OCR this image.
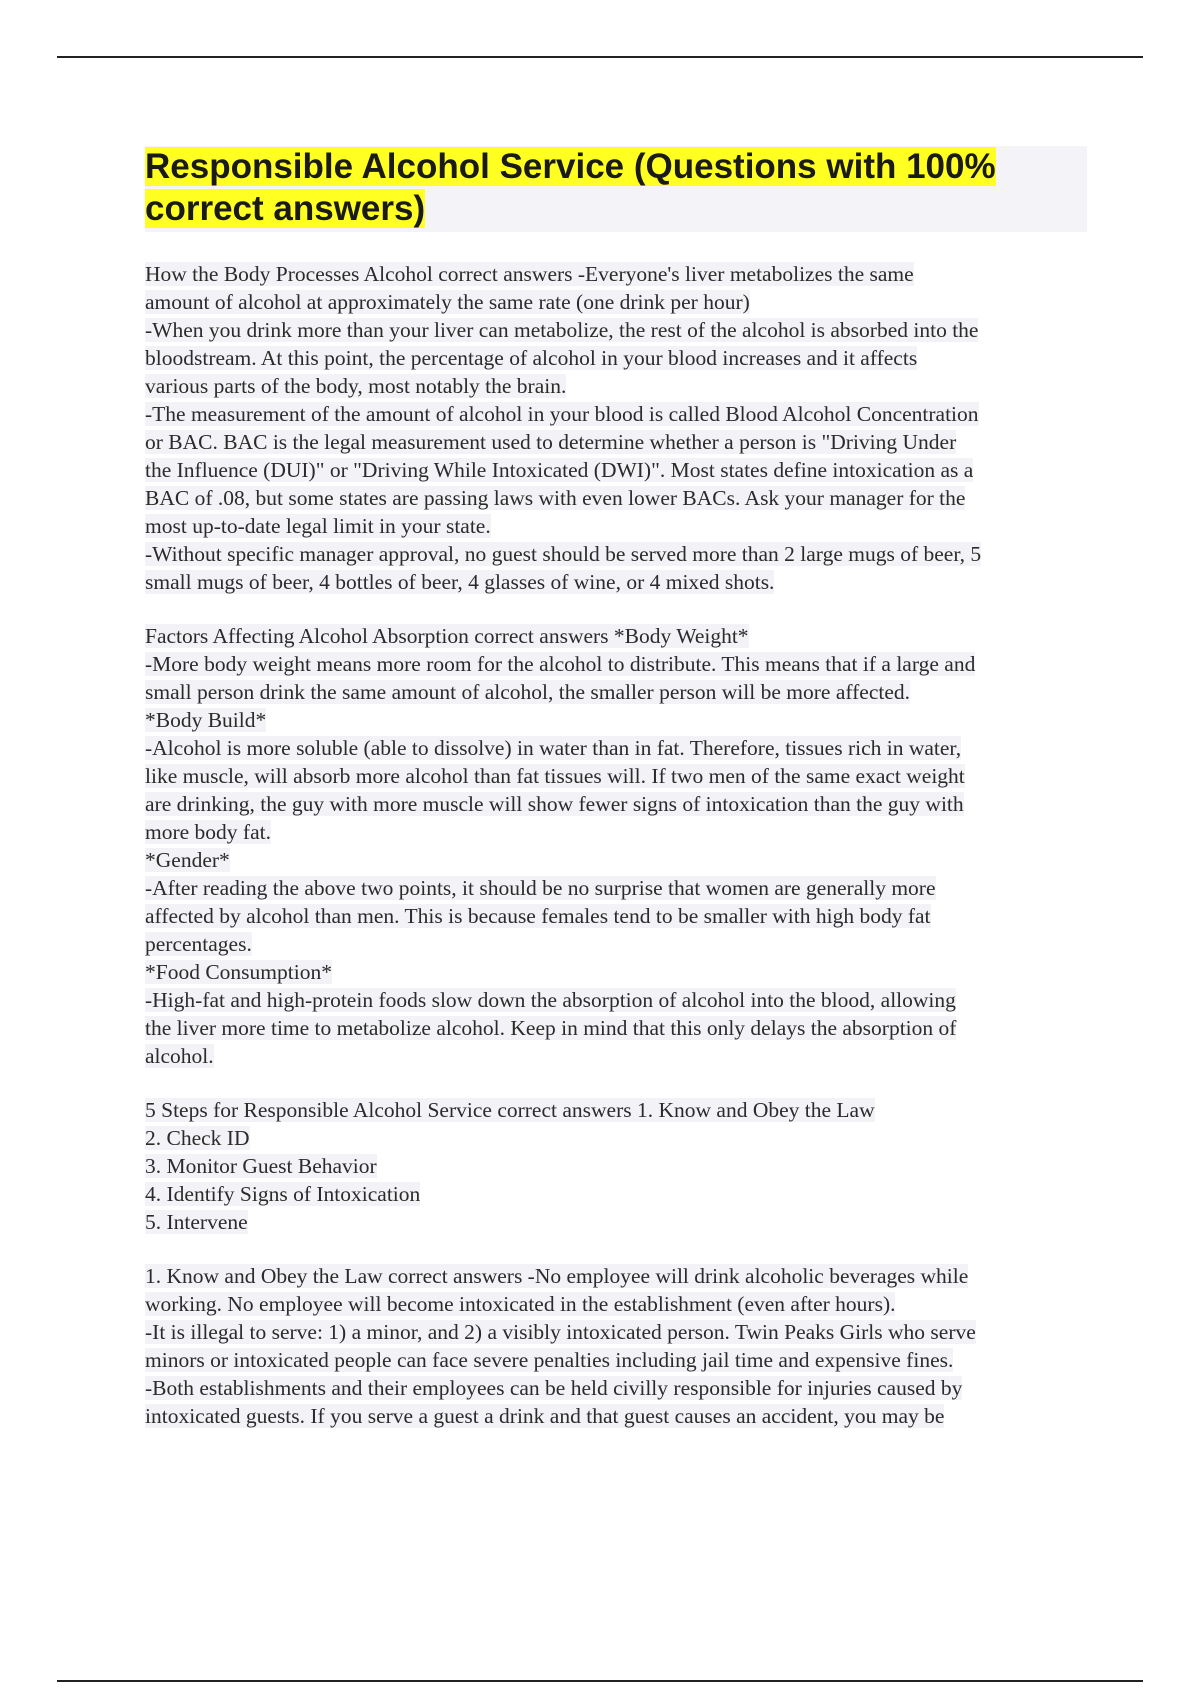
Responsible Alcohol Service (Questions with 100% correct answers)
How the Body Processes Alcohol correct answers -Everyone's liver metabolizes the same
amount of alcohol at approximately the same rate (one drink per hour)
-When you drink more than your liver can metabolize, the rest of the alcohol is absorbed into the
bloodstream. At this point, the percentage of alcohol in your blood increases and it affects
various parts of the body, most notably the brain.
-The measurement of the amount of alcohol in your blood is called Blood Alcohol Concentration
or BAC. BAC is the legal measurement used to determine whether a person is "Driving Under
the Influence (DUI)" or "Driving While Intoxicated (DWI)". Most states define intoxication as a
BAC of .08, but some states are passing laws with even lower BACs. Ask your manager for the
most up-to-date legal limit in your state.
-Without specific manager approval, no guest should be served more than 2 large mugs of beer, 5
small mugs of beer, 4 bottles of beer, 4 glasses of wine, or 4 mixed shots.
Factors Affecting Alcohol Absorption correct answers *Body Weight*
-More body weight means more room for the alcohol to distribute. This means that if a large and
small person drink the same amount of alcohol, the smaller person will be more affected.
*Body Build*
-Alcohol is more soluble (able to dissolve) in water than in fat. Therefore, tissues rich in water,
like muscle, will absorb more alcohol than fat tissues will. If two men of the same exact weight
are drinking, the guy with more muscle will show fewer signs of intoxication than the guy with
more body fat.
*Gender*
-After reading the above two points, it should be no surprise that women are generally more
affected by alcohol than men. This is because females tend to be smaller with high body fat
percentages.
*Food Consumption*
-High-fat and high-protein foods slow down the absorption of alcohol into the blood, allowing
the liver more time to metabolize alcohol. Keep in mind that this only delays the absorption of
alcohol.
5 Steps for Responsible Alcohol Service correct answers 1. Know and Obey the Law
2. Check ID
3. Monitor Guest Behavior
4. Identify Signs of Intoxication
5. Intervene
1. Know and Obey the Law correct answers -No employee will drink alcoholic beverages while
working. No employee will become intoxicated in the establishment (even after hours).
-It is illegal to serve: 1) a minor, and 2) a visibly intoxicated person. Twin Peaks Girls who serve
minors or intoxicated people can face severe penalties including jail time and expensive fines.
-Both establishments and their employees can be held civilly responsible for injuries caused by
intoxicated guests. If you serve a guest a drink and that guest causes an accident, you may be
